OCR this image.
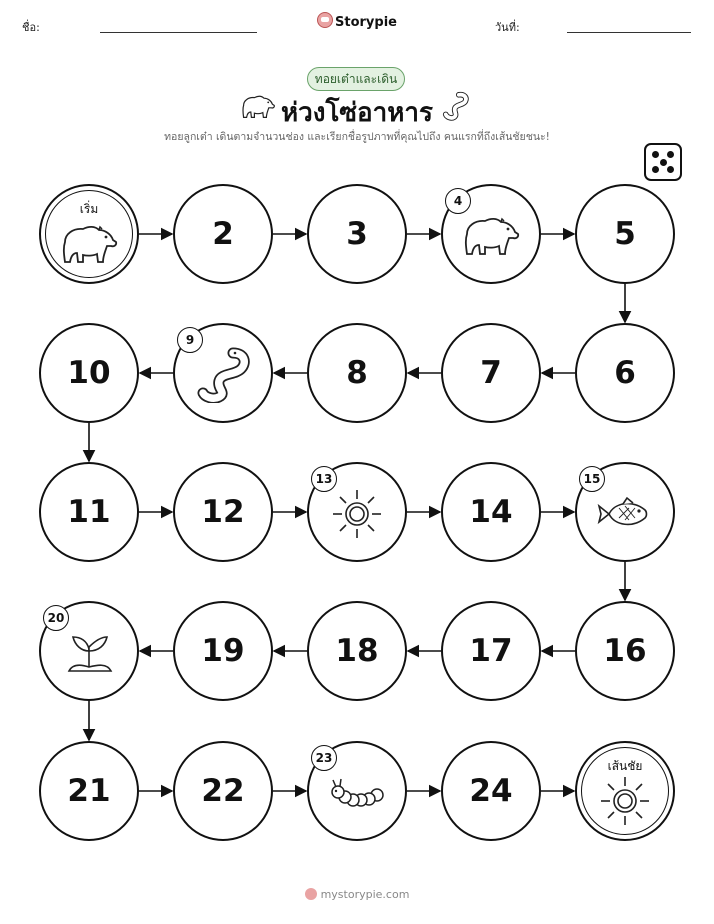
ชื่อ:	Storypie	วันที่:
ทอยเต๋าและเดิน
ห่วงโซ่อาหาร
ทอยลูกเต๋า เดินตามจำนวนช่อง และเรียกชื่อรูปภาพที่คุณไปถึง คนแรกที่ถึงเส้นชัยชนะ!
เริ่ม
2	3
4
5
6
7
8
9
10
11	12
13
14
15
16
17
18
19
20
21	22
23
24
เส้นชัย
mystorypie.com
